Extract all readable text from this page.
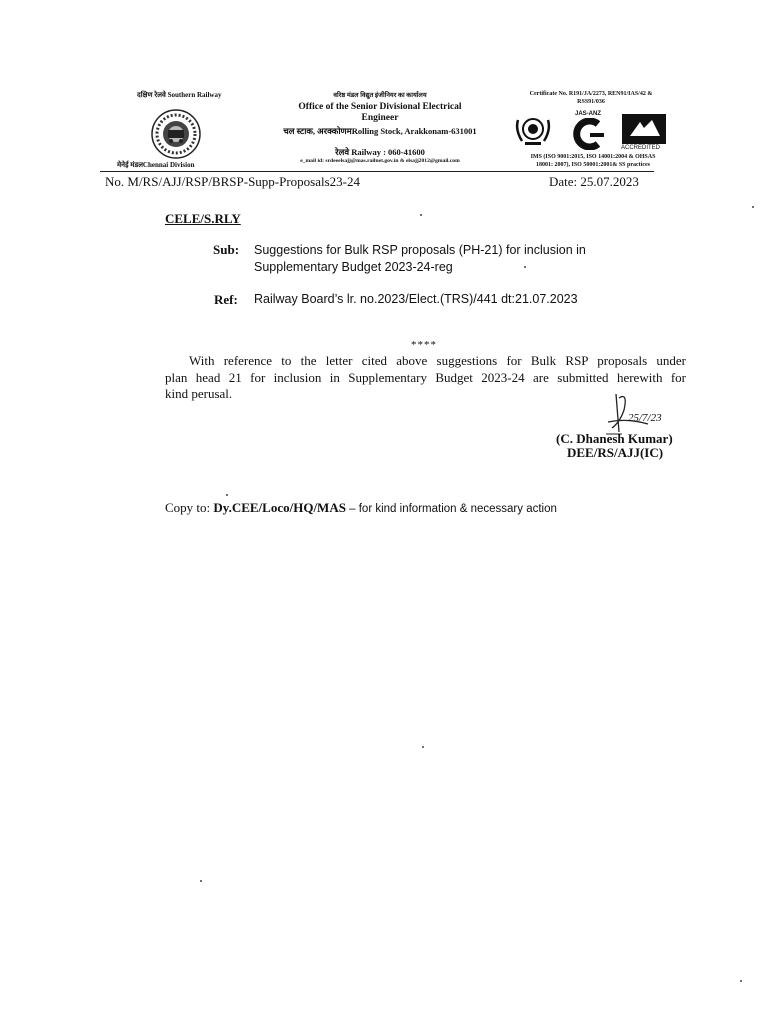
दक्षिण रेलवे Southern Railway
मेनेई मंडलChennai Division
वरिष्ठ मंडल विद्युत इंजीनियर का कार्यालय
Office of the Senior Divisional Electrical
Engineer
चल स्टाक, अरक्कोणमRolling Stock, Arakkonam-631001
रेलवे Railway : 060-41600
e_mail id: srdeeelsajj@mas.railnet.gov.in & elsajj2012@gmail.com
Certificate No. R191/JA/2273, REN91/IAS/42 &
RSS91/036
JAS-ANZ
ACCREDITED
IMS (ISO 9001:2015, ISO 14001:2004 & OHSAS
18001: 2007), ISO 50001:2001& SS practices
No. M/RS/AJJ/RSP/BRSP-Supp-Proposals23-24	Date: 25.07.2023
CELE/S.RLY
Sub: Suggestions for Bulk RSP proposals (PH-21) for inclusion in
Supplementary Budget 2023-24-reg
Ref: Railway Board’s lr. no.2023/Elect.(TRS)/441 dt:21.07.2023
****
With reference to the letter cited above suggestions for Bulk RSP proposals under
plan head 21 for inclusion in Supplementary Budget 2023-24 are submitted herewith for
kind perusal.
25/7/23
(C. Dhanesh Kumar)
DEE/RS/AJJ(IC)
Copy to: Dy.CEE/Loco/HQ/MAS – for kind information & necessary action
